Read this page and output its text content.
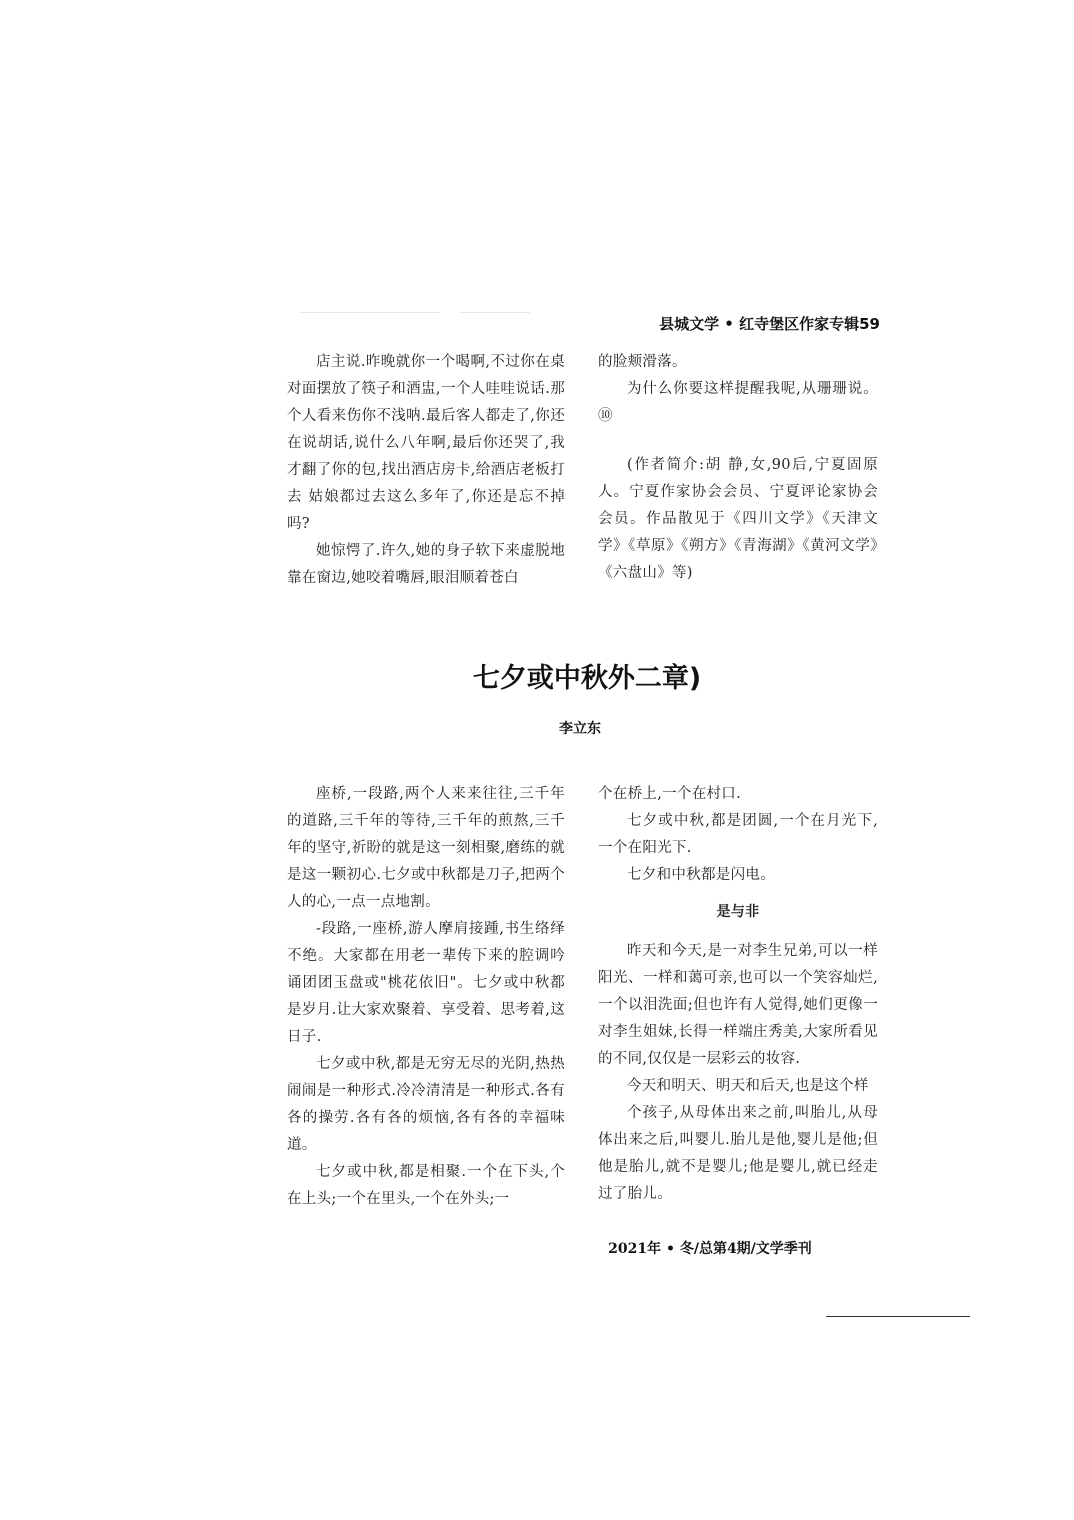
县城文学 • 红寺堡区作家专辑59

店主说.昨晚就你一个喝啊,不过你在桌对面摆放了筷子和酒盅,一个人哇哇说话.那个人看来伤你不浅呐.最后客人都走了,你还在说胡话,说什么八年啊,最后你还哭了,我才翻了你的包,找出酒店房卡,给酒店老板打去 姑娘都过去这么多年了,你还是忘不掉吗?

她惊愕了.许久,她的身子软下来虚脱地靠在窗边,她咬着嘴唇,眼泪顺着苍白

的脸颊滑落。

为什么你要这样提醒我呢,从珊珊说。⑩

(作者简介:胡 静,女,90后,宁夏固原人。宁夏作家协会会员、宁夏评论家协会会员。作品散见于《四川文学》《天津文学》《草原》《朔方》《青海湖》《黄河文学》《六盘山》等)

七夕或中秋外二章)
李立东

座桥,一段路,两个人来来往往,三千年的道路,三千年的等待,三千年的煎熬,三千年的坚守,祈盼的就是这一刻相聚,磨练的就是这一颗初心.七夕或中秋都是刀子,把两个人的心,一点一点地割。

-段路,一座桥,游人摩肩接踵,书生络绎不绝。大家都在用老一辈传下来的腔调吟诵团团玉盘或"桃花依旧"。七夕或中秋都是岁月.让大家欢聚着、享受着、思考着,这日子.

七夕或中秋,都是无穷无尽的光阴,热热闹闹是一种形式.冷冷清清是一种形式.各有各的操劳.各有各的烦恼,各有各的幸福味道。

七夕或中秋,都是相聚.一个在下头,个在上头;一个在里头,一个在外头;一

个在桥上,一个在村口.

七夕或中秋,都是团圆,一个在月光下,一个在阳光下.

七夕和中秋都是闪电。

是与非

昨天和今天,是一对李生兄弟,可以一样阳光、一样和蔼可亲,也可以一个笑容灿烂,一个以泪洗面;但也许有人觉得,她们更像一对李生姐妹,长得一样端庄秀美,大家所看见的不同,仅仅是一层彩云的妆容.

今天和明天、明天和后天,也是这个样

个孩子,从母体出来之前,叫胎儿,从母体出来之后,叫婴儿.胎儿是他,婴儿是他;但他是胎儿,就不是婴儿;他是婴儿,就已经走过了胎儿。

2021年 • 冬/总第4期/文学季刊
